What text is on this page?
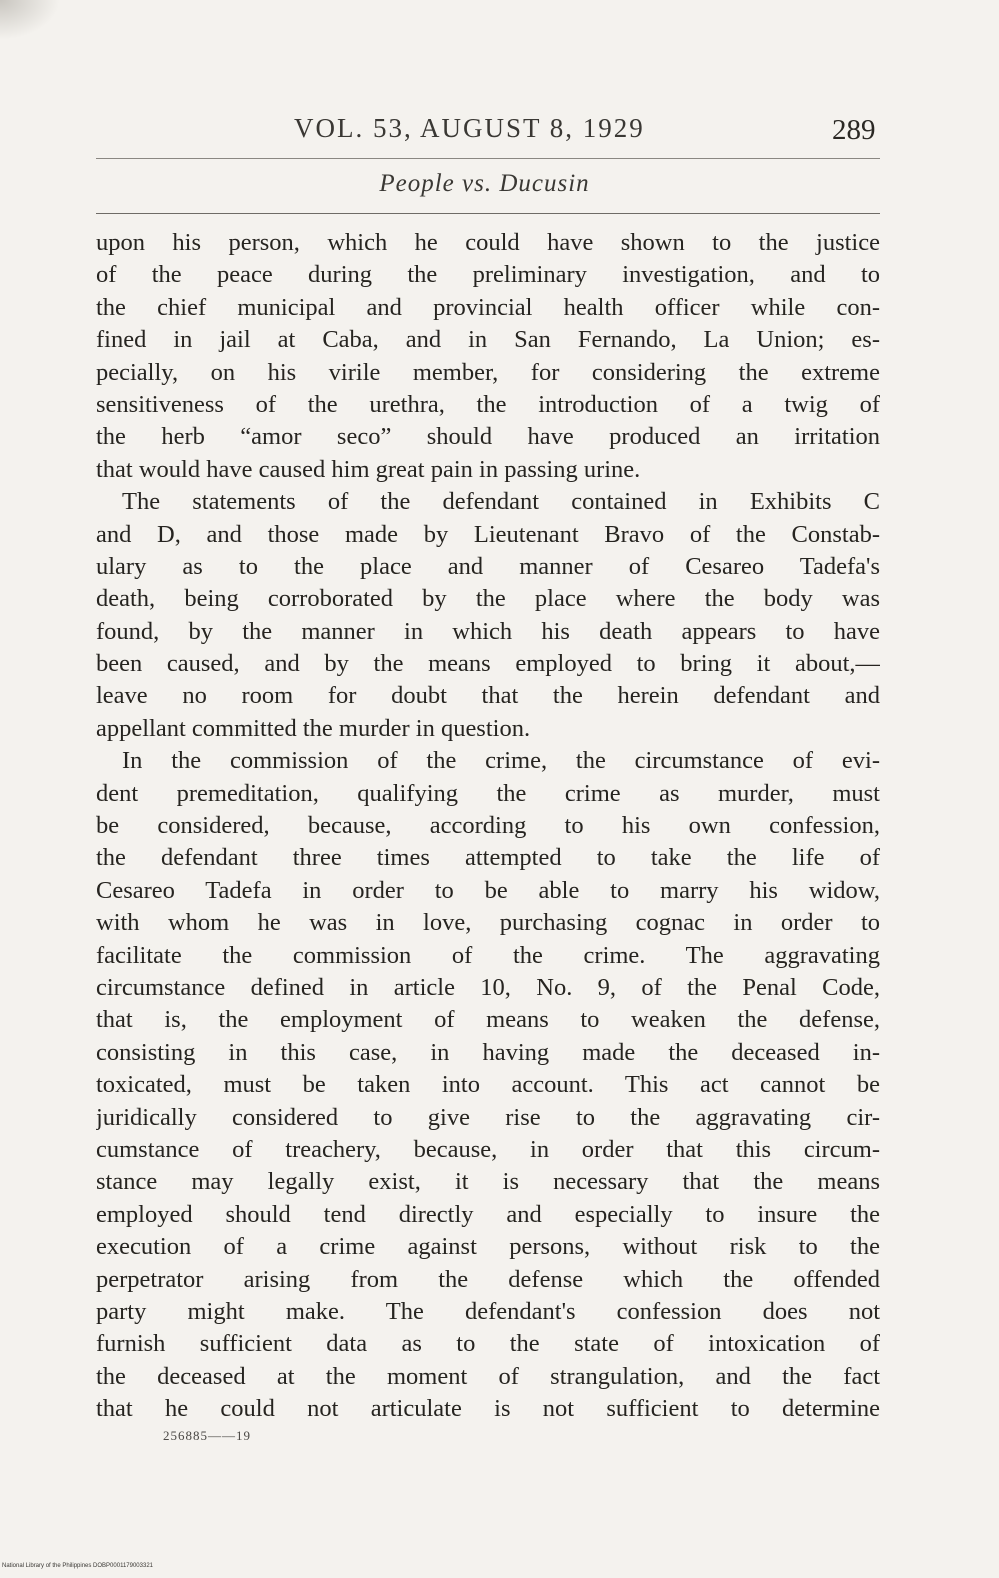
VOL. 53, AUGUST 8, 1929	289
People vs. Ducusin
upon his person, which he could have shown to the justice
of the peace during the preliminary investigation, and to
the chief municipal and provincial health officer while con-
fined in jail at Caba, and in San Fernando, La Union; es-
pecially, on his virile member, for considering the extreme
sensitiveness of the urethra, the introduction of a twig of
the herb “amor seco” should have produced an irritation
that would have caused him great pain in passing urine.
The statements of the defendant contained in Exhibits C
and D, and those made by Lieutenant Bravo of the Constab-
ulary as to the place and manner of Cesareo Tadefa's
death, being corroborated by the place where the body was
found, by the manner in which his death appears to have
been caused, and by the means employed to bring it about,—
leave no room for doubt that the herein defendant and
appellant committed the murder in question.
In the commission of the crime, the circumstance of evi-
dent premeditation, qualifying the crime as murder, must
be considered, because, according to his own confession,
the defendant three times attempted to take the life of
Cesareo Tadefa in order to be able to marry his widow,
with whom he was in love, purchasing cognac in order to
facilitate the commission of the crime. The aggravating
circumstance defined in article 10, No. 9, of the Penal Code,
that is, the employment of means to weaken the defense,
consisting in this case, in having made the deceased in-
toxicated, must be taken into account. This act cannot be
juridically considered to give rise to the aggravating cir-
cumstance of treachery, because, in order that this circum-
stance may legally exist, it is necessary that the means
employed should tend directly and especially to insure the
execution of a crime against persons, without risk to the
perpetrator arising from the defense which the offended
party might make. The defendant's confession does not
furnish sufficient data as to the state of intoxication of
the deceased at the moment of strangulation, and the fact
that he could not articulate is not sufficient to determine
256885——19
National Library of the Philippines DOBP0001179003321
